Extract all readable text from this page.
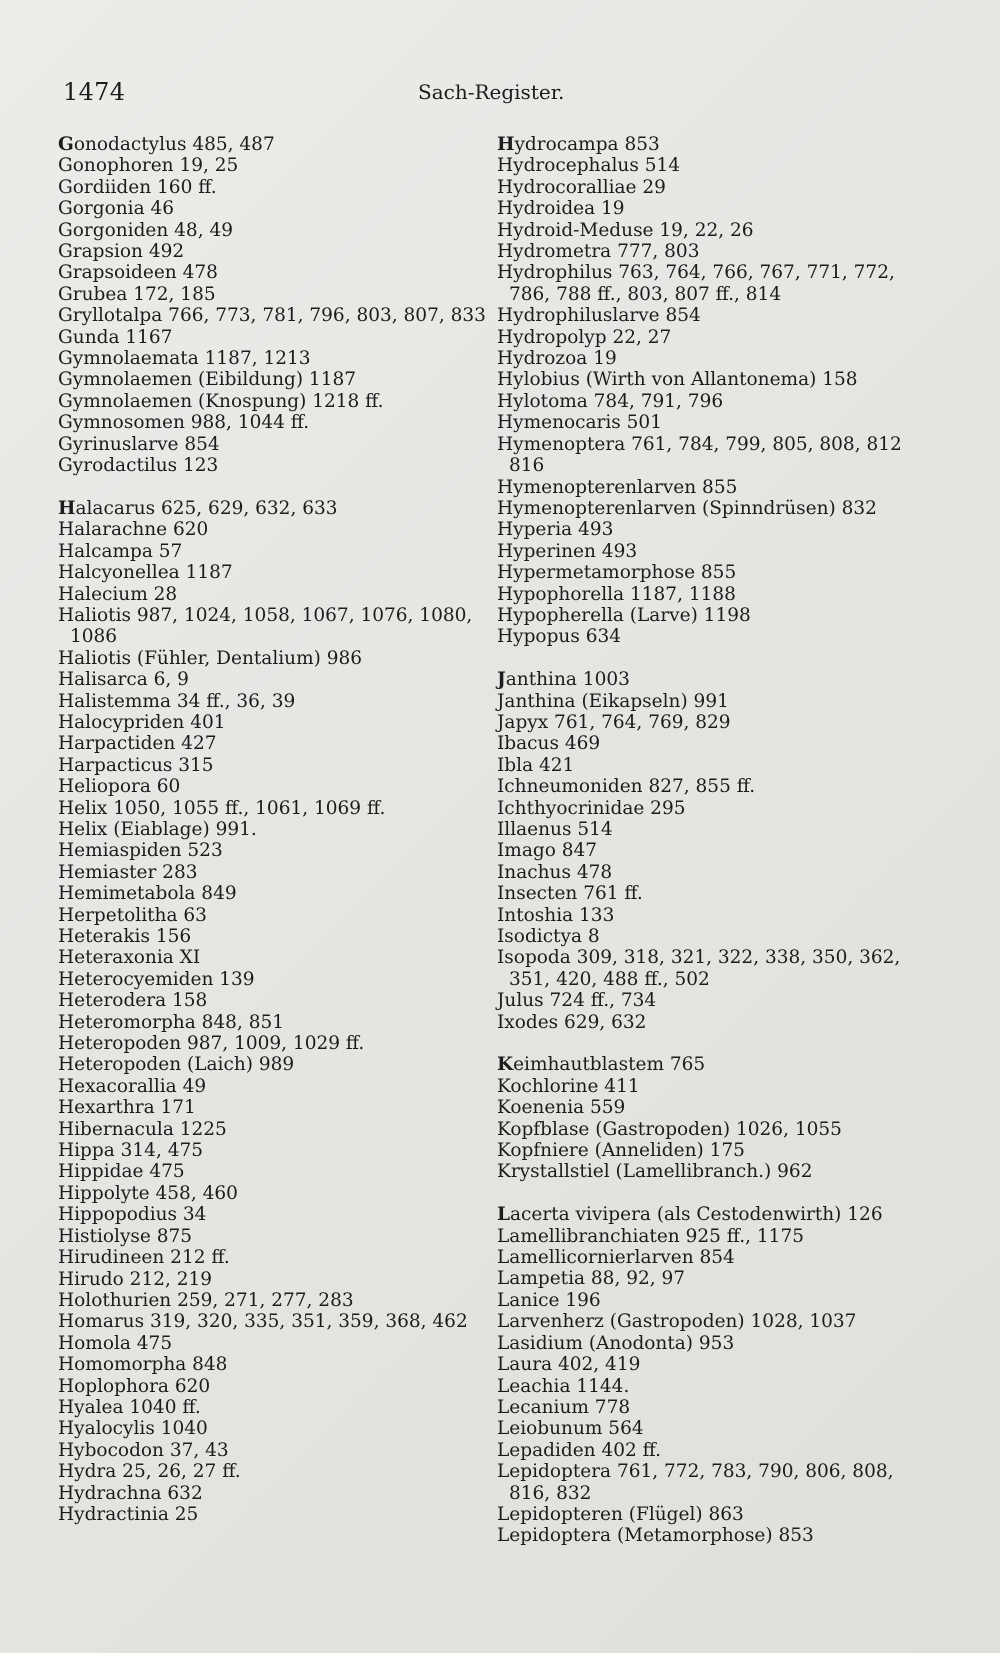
1474	Sach-Register.
Gonodactylus 485, 487
Gonophoren 19, 25
Gordiiden 160 ff.
Gorgonia 46
Gorgoniden 48, 49
Grapsion 492
Grapsoideen 478
Grubea 172, 185
Gryllotalpa 766, 773, 781, 796, 803, 807, 833
Gunda 1167
Gymnolaemata 1187, 1213
Gymnolaemen (Eibildung) 1187
Gymnolaemen (Knospung) 1218 ff.
Gymnosomen 988, 1044 ff.
Gyrinuslarve 854
Gyrodactilus 123
Halacarus 625, 629, 632, 633
Halarachne 620
Halcampa 57
Halcyonellea 1187
Halecium 28
Haliotis 987, 1024, 1058, 1067, 1076, 1080, 1086
Haliotis (Fühler, Dentalium) 986
Halisarca 6, 9
Halistemma 34 ff., 36, 39
Halocypriden 401
Harpactiden 427
Harpacticus 315
Heliopora 60
Helix 1050, 1055 ff., 1061, 1069 ff.
Helix (Eiablage) 991.
Hemiaspiden 523
Hemiaster 283
Hemimetabola 849
Herpetolitha 63
Heterakis 156
Heteraxonia XI
Heterocyemiden 139
Heterodera 158
Heteromorpha 848, 851
Heteropoden 987, 1009, 1029 ff.
Heteropoden (Laich) 989
Hexacorallia 49
Hexarthra 171
Hibernacula 1225
Hippa 314, 475
Hippidae 475
Hippolyte 458, 460
Hippopodius 34
Histiolyse 875
Hirudineen 212 ff.
Hirudo 212, 219
Holothurien 259, 271, 277, 283
Homarus 319, 320, 335, 351, 359, 368, 462
Homola 475
Homomorpha 848
Hoplophora 620
Hyalea 1040 ff.
Hyalocylis 1040
Hybocodon 37, 43
Hydra 25, 26, 27 ff.
Hydrachna 632
Hydractinia 25
Hydrocampa 853
Hydrocephalus 514
Hydrocoralliae 29
Hydroidea 19
Hydroid-Meduse 19, 22, 26
Hydrometra 777, 803
Hydrophilus 763, 764, 766, 767, 771, 772, 786, 788 ff., 803, 807 ff., 814
Hydrophiluslarve 854
Hydropolyp 22, 27
Hydrozoa 19
Hylobius (Wirth von Allantonema) 158
Hylotoma 784, 791, 796
Hymenocaris 501
Hymenoptera 761, 784, 799, 805, 808, 812 816
Hymenopterenlarven 855
Hymenopterenlarven (Spinndrüsen) 832
Hyperia 493
Hyperinen 493
Hypermetamorphose 855
Hypophorella 1187, 1188
Hypopherella (Larve) 1198
Hypopus 634
Janthina 1003
Janthina (Eikapseln) 991
Japyx 761, 764, 769, 829
Ibacus 469
Ibla 421
Ichneumoniden 827, 855 ff.
Ichthyocrinidae 295
Illaenus 514
Imago 847
Inachus 478
Insecten 761 ff.
Intoshia 133
Isodictya 8
Isopoda 309, 318, 321, 322, 338, 350, 362, 351, 420, 488 ff., 502
Julus 724 ff., 734
Ixodes 629, 632
Keimhautblastem 765
Kochlorine 411
Koenenia 559
Kopfblase (Gastropoden) 1026, 1055
Kopfniere (Anneliden) 175
Krystallstiel (Lamellibranch.) 962
Lacerta vivipera (als Cestodenwirth) 126
Lamellibranchiaten 925 ff., 1175
Lamellicornierlarven 854
Lampetia 88, 92, 97
Lanice 196
Larvenherz (Gastropoden) 1028, 1037
Lasidium (Anodonta) 953
Laura 402, 419
Leachia 1144.
Lecanium 778
Leiobunum 564
Lepadiden 402 ff.
Lepidoptera 761, 772, 783, 790, 806, 808, 816, 832
Lepidopteren (Flügel) 863
Lepidoptera (Metamorphose) 853
